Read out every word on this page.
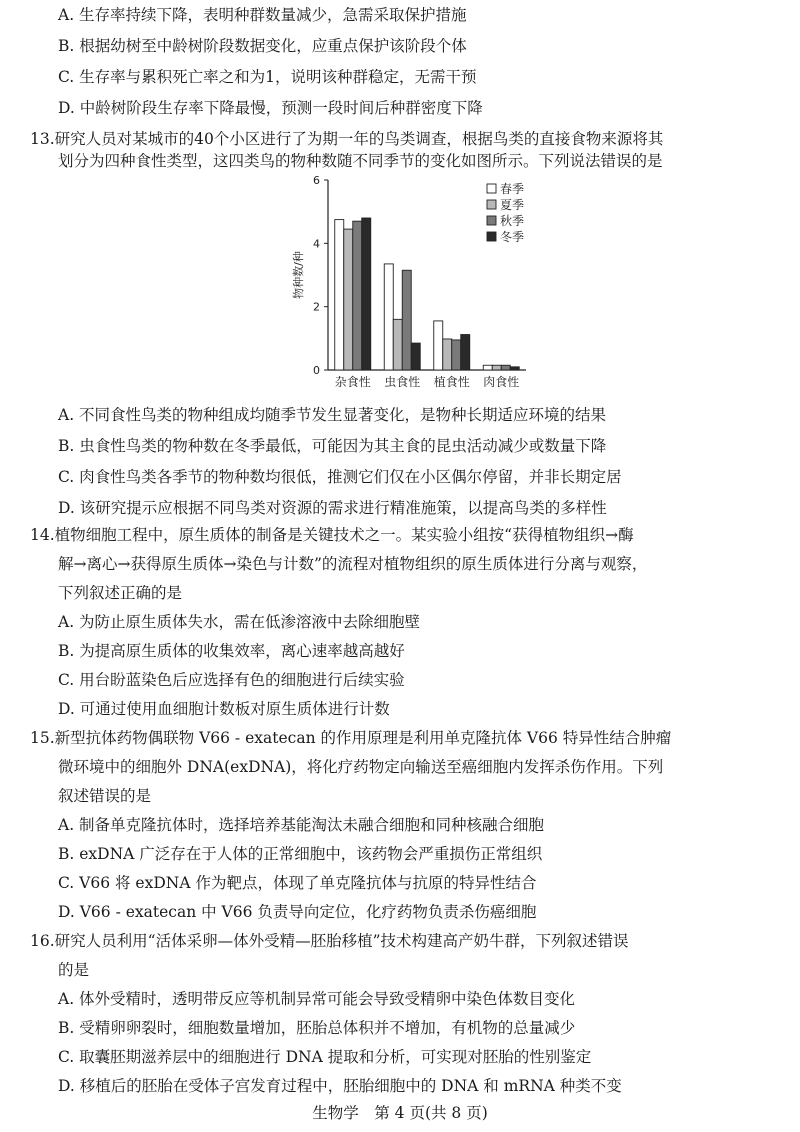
A. 生存率持续下降，表明种群数量减少，急需采取保护措施
B. 根据幼树至中龄树阶段数据变化，应重点保护该阶段个体
C. 生存率与累积死亡率之和为1，说明该种群稳定，无需干预
D. 中龄树阶段生存率下降最慢，预测一段时间后种群密度下降
13.研究人员对某城市的40个小区进行了为期一年的鸟类调查，根据鸟类的直接食物来源将其
划分为四种食性类型，这四类鸟的物种数随不同季节的变化如图所示。下列说法错误的是
0
2
4
6
物种数/种
杂食性 虫食性 植食性 肉食性
春季
夏季
秋季
冬季
A. 不同食性鸟类的物种组成均随季节发生显著变化，是物种长期适应环境的结果
B. 虫食性鸟类的物种数在冬季最低，可能因为其主食的昆虫活动减少或数量下降
C. 肉食性鸟类各季节的物种数均很低，推测它们仅在小区偶尔停留，并非长期定居
D. 该研究提示应根据不同鸟类对资源的需求进行精准施策，以提高鸟类的多样性
14.植物细胞工程中，原生质体的制备是关键技术之一。某实验小组按“获得植物组织→酶
解→离心→获得原生质体→染色与计数”的流程对植物组织的原生质体进行分离与观察，
下列叙述正确的是
A. 为防止原生质体失水，需在低渗溶液中去除细胞壁
B. 为提高原生质体的收集效率，离心速率越高越好
C. 用台盼蓝染色后应选择有色的细胞进行后续实验
D. 可通过使用血细胞计数板对原生质体进行计数
15.新型抗体药物偶联物 V66 - exatecan 的作用原理是利用单克隆抗体 V66 特异性结合肿瘤
微环境中的细胞外 DNA(exDNA)，将化疗药物定向输送至癌细胞内发挥杀伤作用。下列
叙述错误的是
A. 制备单克隆抗体时，选择培养基能淘汰未融合细胞和同种核融合细胞
B. exDNA 广泛存在于人体的正常细胞中，该药物会严重损伤正常组织
C. V66 将 exDNA 作为靶点，体现了单克隆抗体与抗原的特异性结合
D. V66 - exatecan 中 V66 负责导向定位，化疗药物负责杀伤癌细胞
16.研究人员利用“活体采卵—体外受精—胚胎移植”技术构建高产奶牛群，下列叙述错误
的是
A. 体外受精时，透明带反应等机制异常可能会导致受精卵中染色体数目变化
B. 受精卵卵裂时，细胞数量增加，胚胎总体积并不增加，有机物的总量减少
C. 取囊胚期滋养层中的细胞进行 DNA 提取和分析，可实现对胚胎的性别鉴定
D. 移植后的胚胎在受体子宫发育过程中，胚胎细胞中的 DNA 和 mRNA 种类不变
生物学　第 4 页(共 8 页)
